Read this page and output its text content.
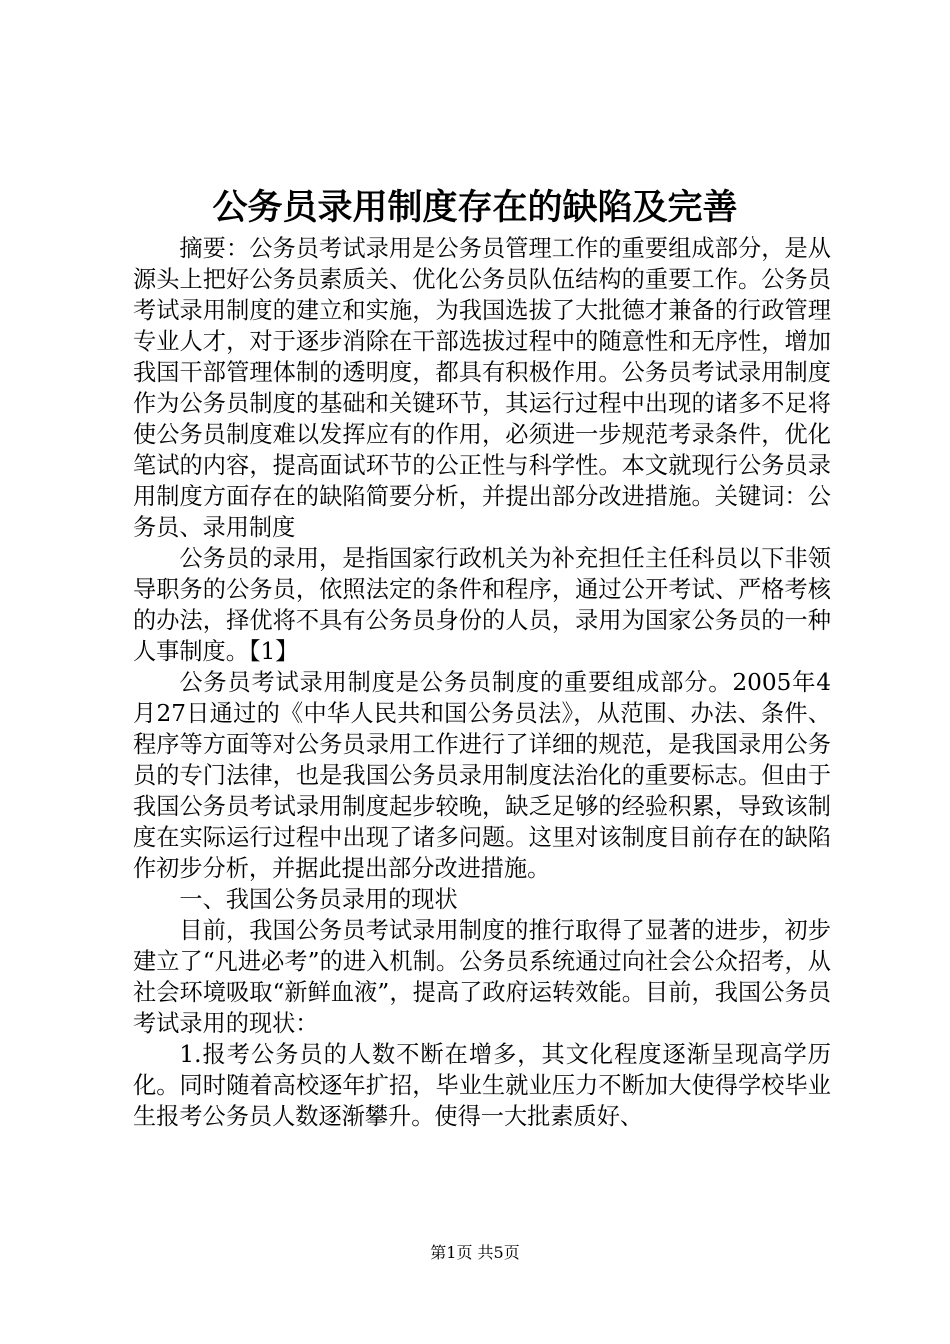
公务员录用制度存在的缺陷及完善

摘要：公务员考试录用是公务员管理工作的重要组成部分，是从源头上把好公务员素质关、优化公务员队伍结构的重要工作。公务员考试录用制度的建立和实施，为我国选拔了大批德才兼备的行政管理专业人才，对于逐步消除在干部选拔过程中的随意性和无序性，增加我国干部管理体制的透明度，都具有积极作用。公务员考试录用制度作为公务员制度的基础和关键环节，其运行过程中出现的诸多不足将使公务员制度难以发挥应有的作用，必须进一步规范考录条件，优化笔试的内容，提高面试环节的公正性与科学性。本文就现行公务员录用制度方面存在的缺陷简要分析，并提出部分改进措施。关键词：公务员、录用制度

公务员的录用，是指国家行政机关为补充担任主任科员以下非领导职务的公务员，依照法定的条件和程序，通过公开考试、严格考核的办法，择优将不具有公务员身份的人员，录用为国家公务员的一种人事制度。【1】

公务员考试录用制度是公务员制度的重要组成部分。2005年4月27日通过的《中华人民共和国公务员法》，从范围、办法、条件、程序等方面等对公务员录用工作进行了详细的规范，是我国录用公务员的专门法律，也是我国公务员录用制度法治化的重要标志。但由于我国公务员考试录用制度起步较晚，缺乏足够的经验积累，导致该制度在实际运行过程中出现了诸多问题。这里对该制度目前存在的缺陷作初步分析，并据此提出部分改进措施。

一、我国公务员录用的现状

目前，我国公务员考试录用制度的推行取得了显著的进步，初步建立了“凡进必考”的进入机制。公务员系统通过向社会公众招考，从社会环境吸取“新鲜血液”，提高了政府运转效能。目前，我国公务员考试录用的现状：

1.报考公务员的人数不断在增多，其文化程度逐渐呈现高学历化。同时随着高校逐年扩招，毕业生就业压力不断加大使得学校毕业生报考公务员人数逐渐攀升。使得一大批素质好、

第1页 共5页
